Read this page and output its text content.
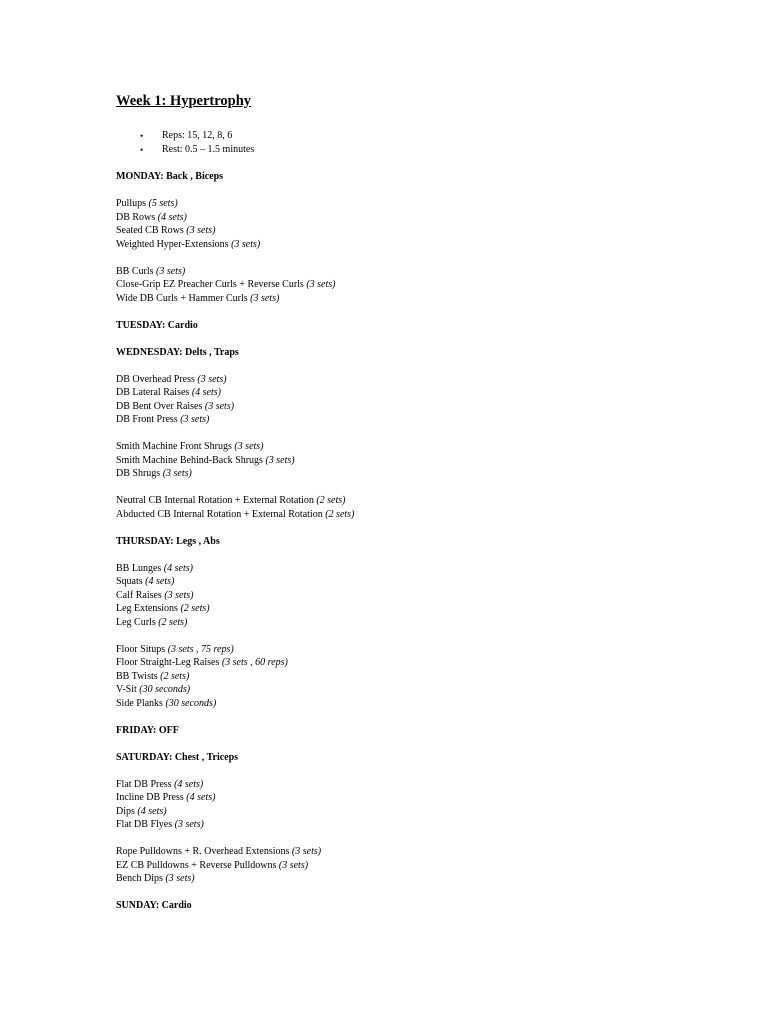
Week 1: Hypertrophy
• Reps: 15, 12, 8, 6
• Rest: 0.5 – 1.5 minutes
MONDAY: Back , Biceps
Pullups (5 sets)
DB Rows (4 sets)
Seated CB Rows (3 sets)
Weighted Hyper-Extensions (3 sets)
BB Curls (3 sets)
Close-Grip EZ Preacher Curls + Reverse Curls (3 sets)
Wide DB Curls + Hammer Curls (3 sets)
TUESDAY: Cardio
WEDNESDAY: Delts , Traps
DB Overhead Press (3 sets)
DB Lateral Raises (4 sets)
DB Bent Over Raises (3 sets)
DB Front Press (3 sets)
Smith Machine Front Shrugs (3 sets)
Smith Machine Behind-Back Shrugs (3 sets)
DB Shrugs (3 sets)
Neutral CB Internal Rotation + External Rotation (2 sets)
Abducted CB Internal Rotation + External Rotation (2 sets)
THURSDAY: Legs , Abs
BB Lunges (4 sets)
Squats (4 sets)
Calf Raises (3 sets)
Leg Extensions (2 sets)
Leg Curls (2 sets)
Floor Situps (3 sets , 75 reps)
Floor Straight-Leg Raises (3 sets , 60 reps)
BB Twists (2 sets)
V-Sit (30 seconds)
Side Planks (30 seconds)
FRIDAY: OFF
SATURDAY: Chest , Triceps
Flat DB Press (4 sets)
Incline DB Press (4 sets)
Dips (4 sets)
Flat DB Flyes (3 sets)
Rope Pulldowns + R. Overhead Extensions (3 sets)
EZ CB Pulldowns + Reverse Pulldowns (3 sets)
Bench Dips (3 sets)
SUNDAY: Cardio
